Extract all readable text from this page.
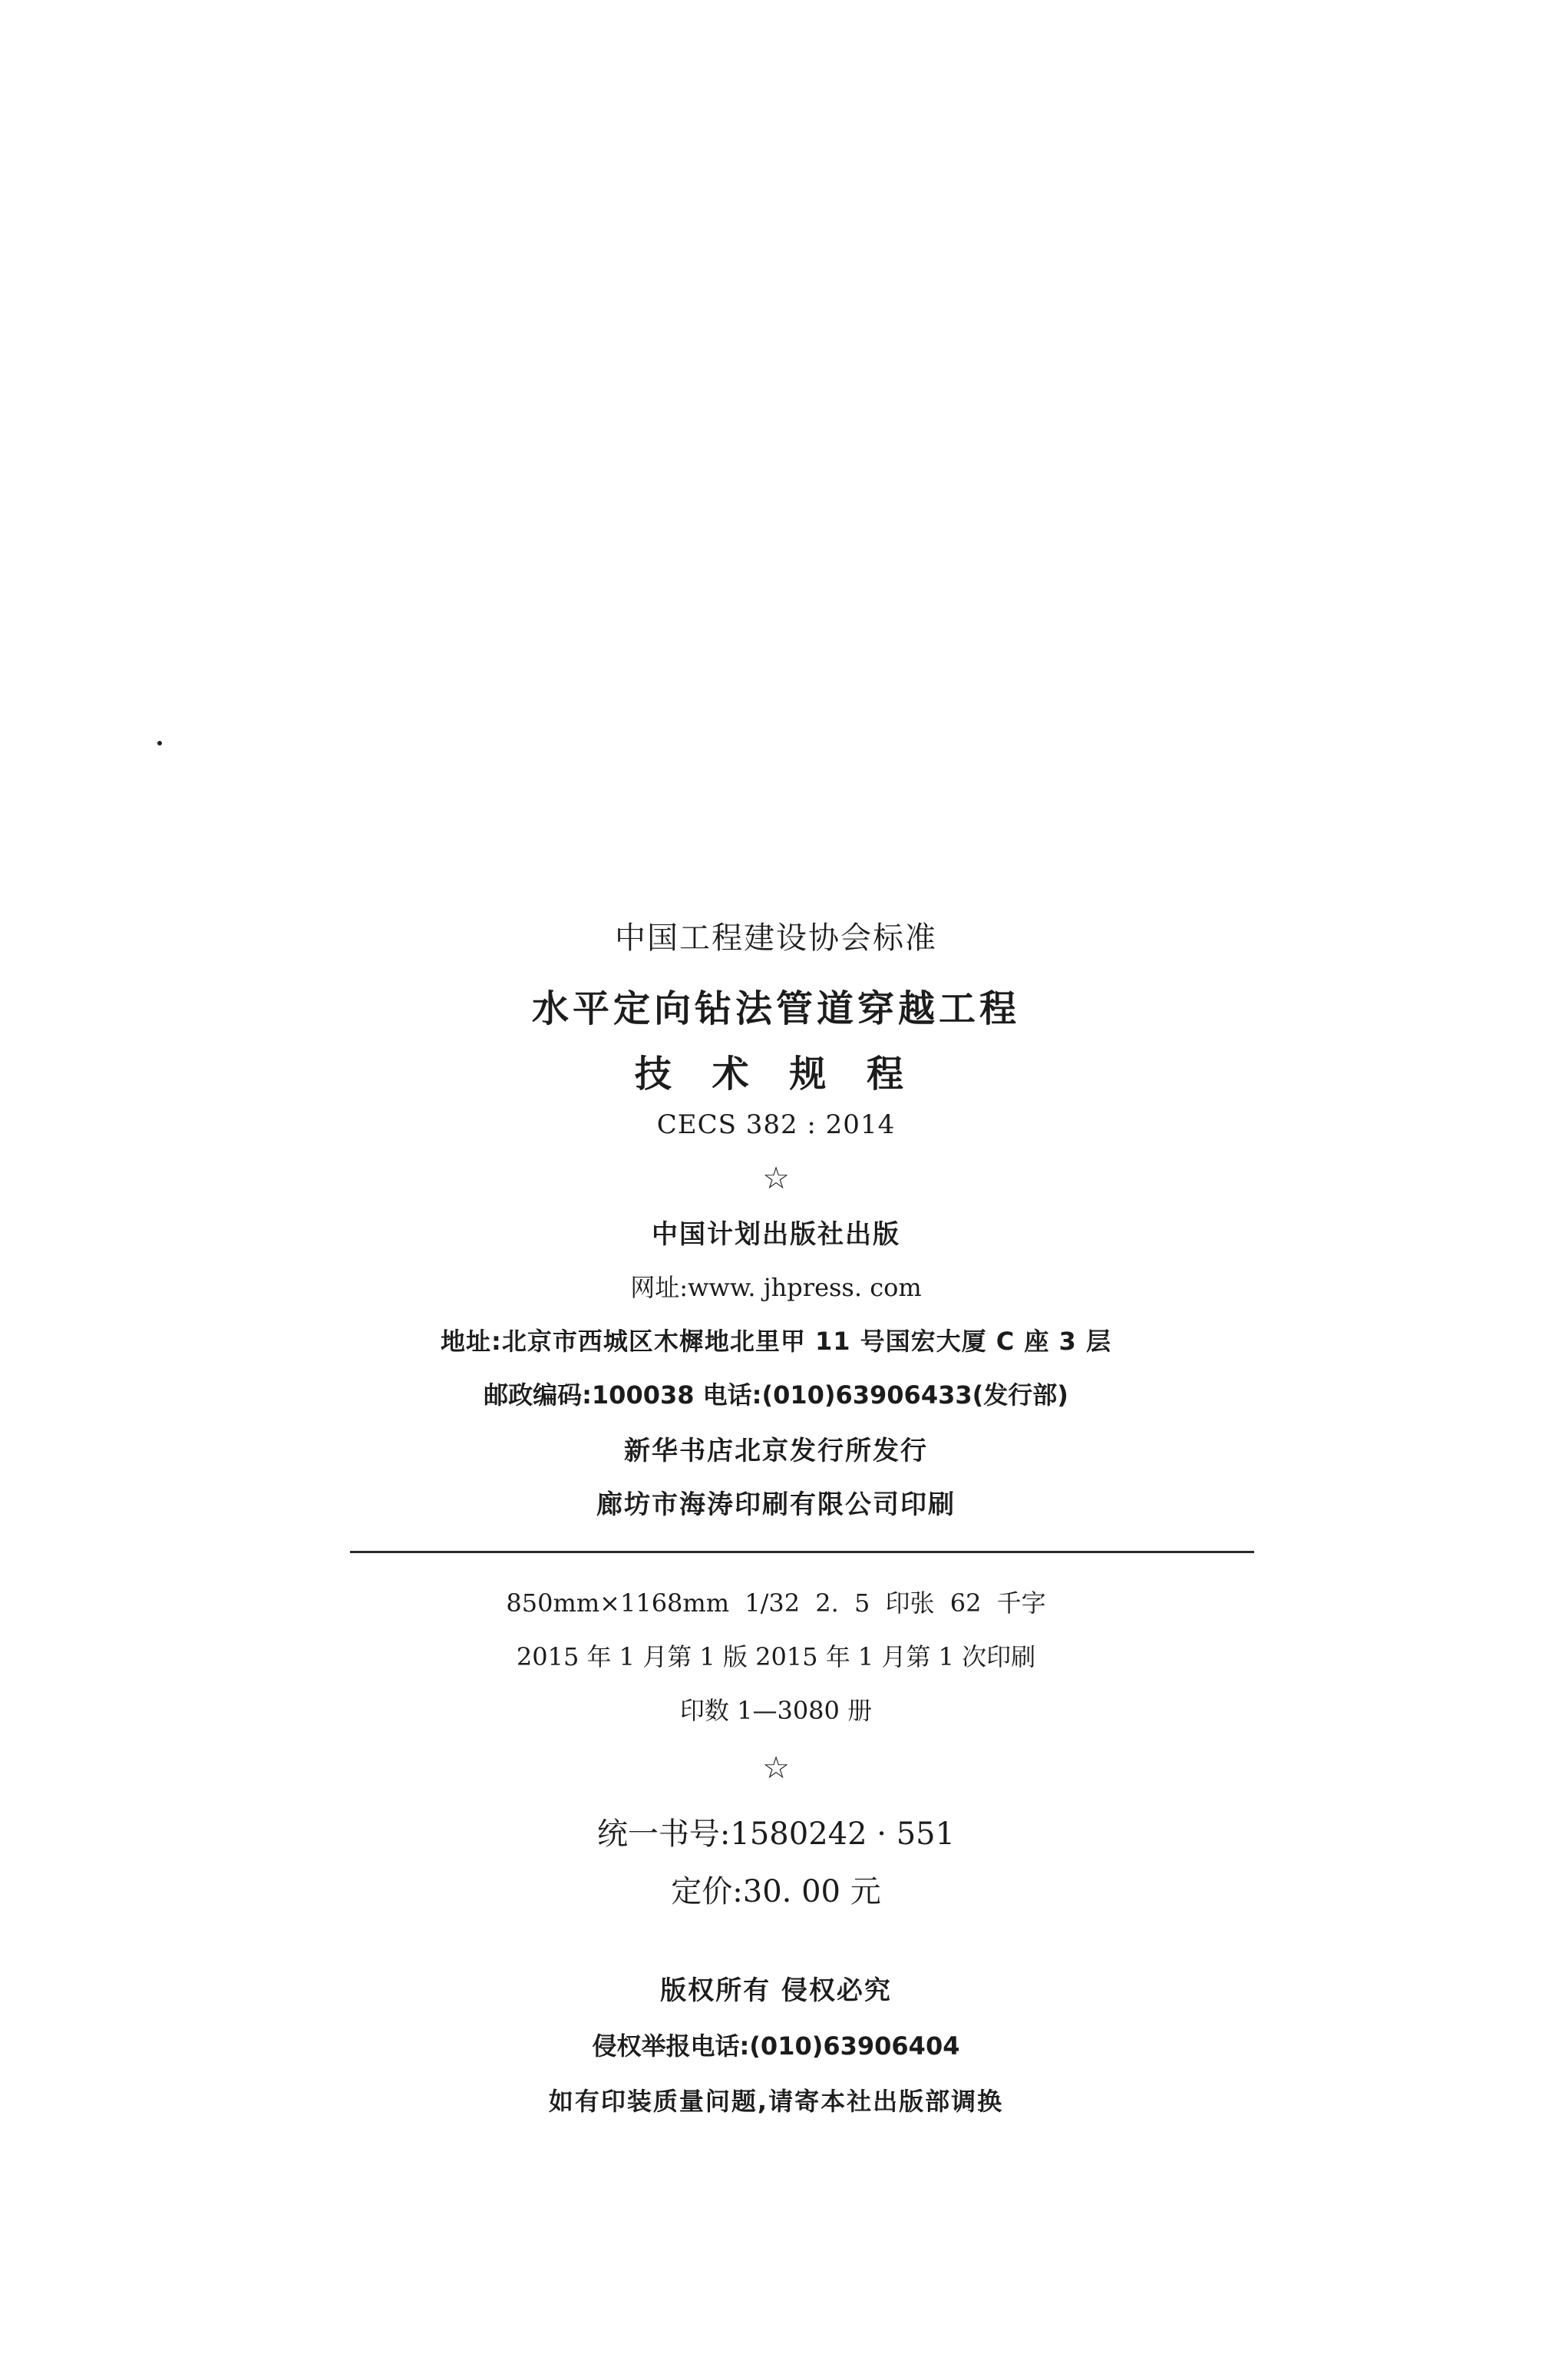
中国工程建设协会标准
水平定向钻法管道穿越工程
技 术 规 程
CECS 382 : 2014
☆
中国计划出版社出版
网址:www. jhpress. com
地址:北京市西城区木樨地北里甲 11 号国宏大厦 C 座 3 层
邮政编码:100038 电话:(010)63906433(发行部)
新华书店北京发行所发行
廊坊市海涛印刷有限公司印刷
850mm×1168mm 1/32 2. 5 印张 62 千字
2015 年 1 月第 1 版 2015 年 1 月第 1 次印刷
印数 1—3080 册
☆
统一书号:1580242 · 551
定价:30. 00 元
版权所有 侵权必究
侵权举报电话:(010)63906404
如有印装质量问题,请寄本社出版部调换
